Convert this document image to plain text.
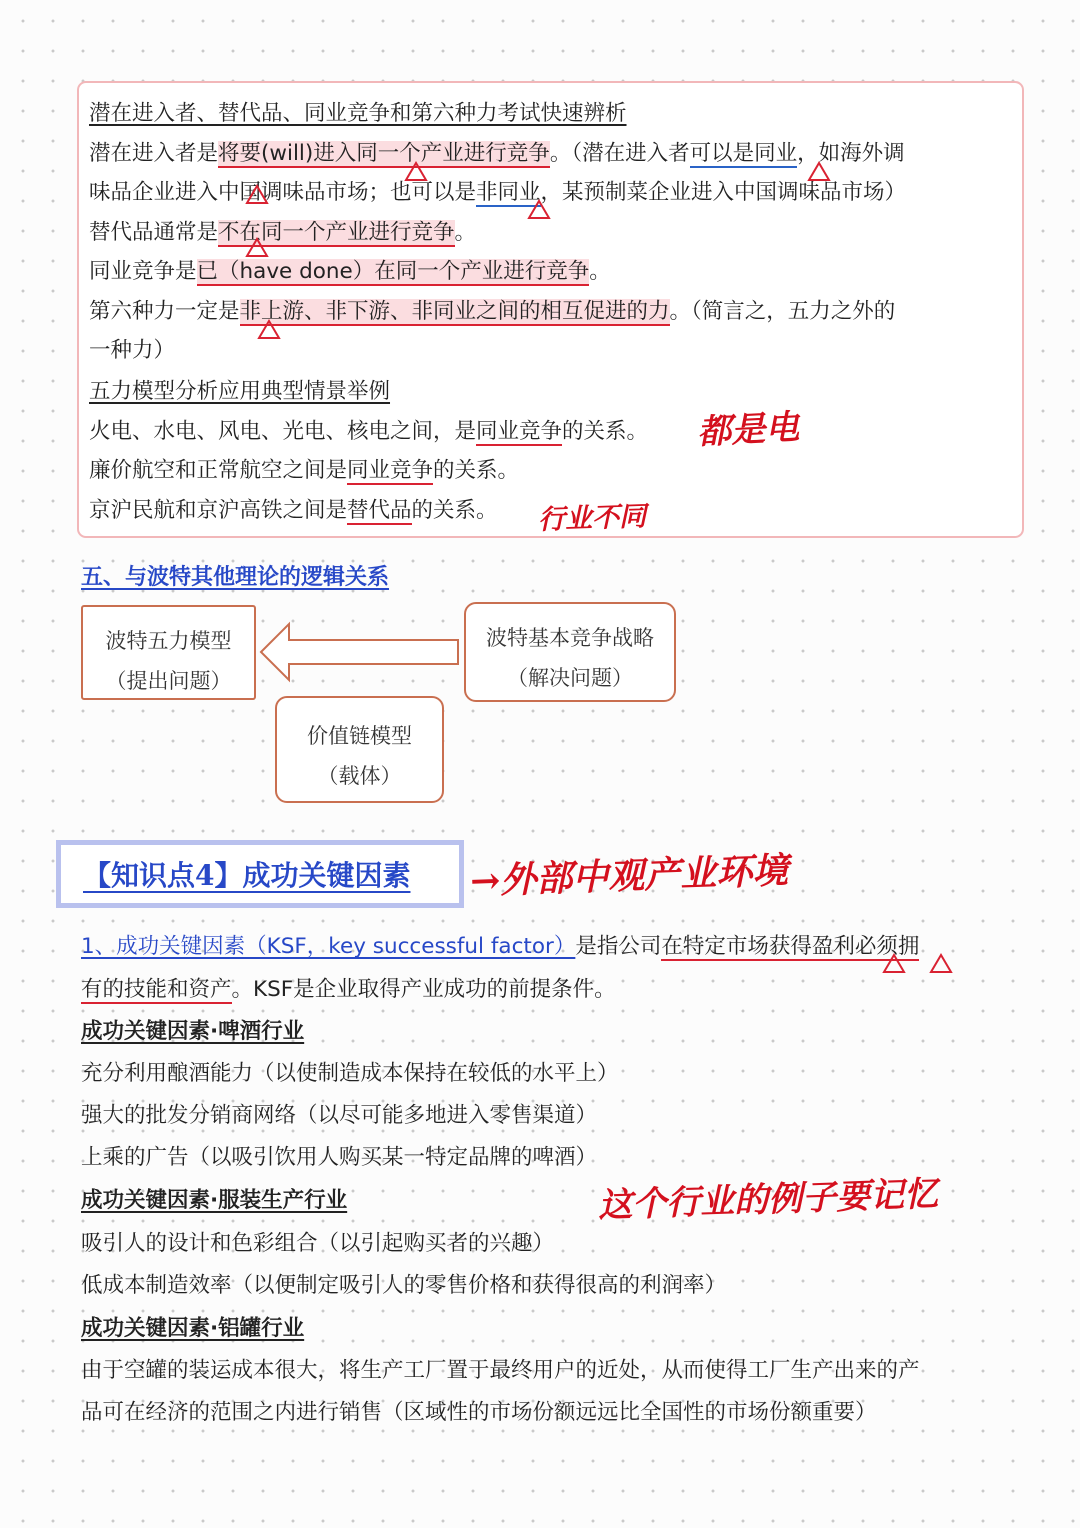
潜在进入者、替代品、同业竞争和第六种力考试快速辨析
潜在进入者是将要(will)进入同一个产业进行竞争。（潜在进入者可以是同业，如海外调
味品企业进入中国调味品市场；也可以是非同业，某预制菜企业进入中国调味品市场）
替代品通常是不在同一个产业进行竞争。
同业竞争是已（have done）在同一个产业进行竞争。
第六种力一定是非上游、非下游、非同业之间的相互促进的力。（简言之，五力之外的
一种力）
五力模型分析应用典型情景举例
火电、水电、风电、光电、核电之间，是同业竞争的关系。
廉价航空和正常航空之间是同业竞争的关系。
京沪民航和京沪高铁之间是替代品的关系。
都是电
行业不同
五、与波特其他理论的逻辑关系
波特五力模型
（提出问题）
波特基本竞争战略
（解决问题）
价值链模型
（载体）
【知识点4】成功关键因素 →外部中观产业环境
1、成功关键因素（KSF，key successful factor）是指公司在特定市场获得盈利必须拥
有的技能和资产。KSF是企业取得产业成功的前提条件。
成功关键因素·啤酒行业
充分利用酿酒能力（以使制造成本保持在较低的水平上）
强大的批发分销商网络（以尽可能多地进入零售渠道）
上乘的广告（以吸引饮用人购买某一特定品牌的啤酒）
成功关键因素·服装生产行业	这个行业的例子要记忆
吸引人的设计和色彩组合（以引起购买者的兴趣）
低成本制造效率（以便制定吸引人的零售价格和获得很高的利润率）
成功关键因素·铝罐行业
由于空罐的装运成本很大，将生产工厂置于最终用户的近处，从而使得工厂生产出来的产
品可在经济的范围之内进行销售（区域性的市场份额远远比全国性的市场份额重要）
